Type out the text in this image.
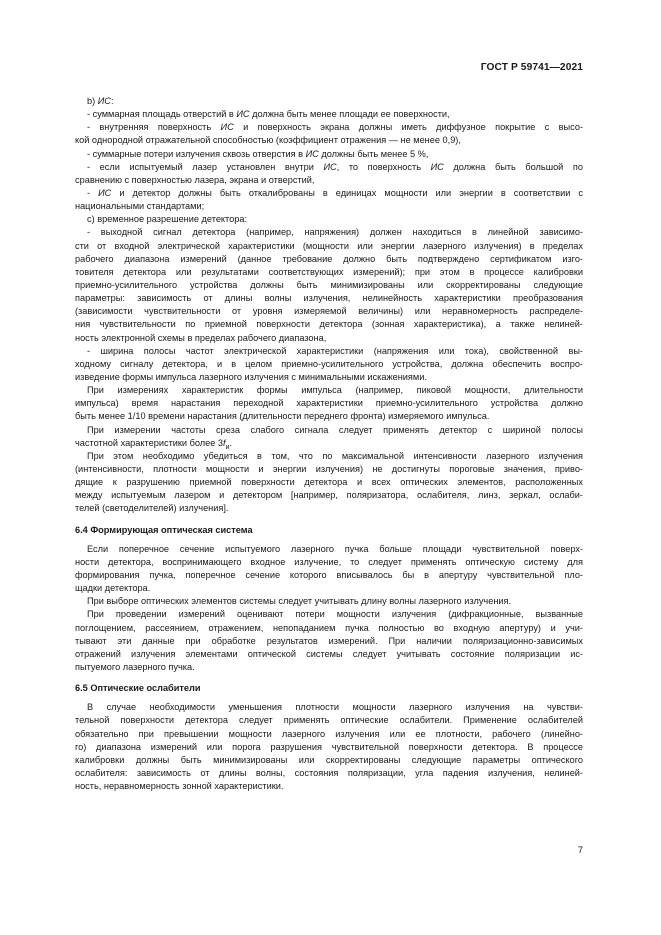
ГОСТ Р 59741—2021
b) ИС:
- суммарная площадь отверстий в ИС должна быть менее площади ее поверхности,
- внутренняя поверхность ИС и поверхность экрана должны иметь диффузное покрытие с высо-
кой однородной отражательной способностью (коэффициент отражения — не менее 0,9),
- суммарные потери излучения сквозь отверстия в ИС должны быть менее 5 %,
- если испытуемый лазер установлен внутри ИС, то поверхность ИС должна быть большой по
сравнению с поверхностью лазера, экрана и отверстий,
- ИС и детектор должны быть откалиброваны в единицах мощности или энергии в соответствии с
национальными стандартами;
с) временное разрешение детектора:
- выходной сигнал детектора (например, напряжения) должен находиться в линейной зависимо-
сти от входной электрической характеристики (мощности или энергии лазерного излучения) в пределах
рабочего диапазона измерений (данное требование должно быть подтверждено сертификатом изго-
товителя детектора или результатами соответствующих измерений); при этом в процессе калибровки
приемно-усилительного устройства должны быть минимизированы или скорректированы следующие
параметры: зависимость от длины волны излучения, нелинейность характеристики преобразования
(зависимости чувствительности от уровня измеряемой величины) или неравномерность распределе-
ния чувствительности по приемной поверхности детектора (зонная характеристика), а также нелиней-
ность электронной схемы в пределах рабочего диапазона,
- ширина полосы частот электрической характеристики (напряжения или тока), свойственной вы-
ходному сигналу детектора, и в целом приемно-усилительного устройства, должна обеспечить воспро-
изведение формы импульса лазерного излучения с минимальными искажениями.
При измерениях характеристик формы импульса (например, пиковой мощности, длительности
импульса) время нарастания переходной характеристики приемно-усилительного устройства должно
быть менее 1/10 времени нарастания (длительности переднего фронта) измеряемого импульса.
При измерении частоты среза слабого сигнала следует применять детектор с шириной полосы
частотной характеристики более $3f_и$.
При этом необходимо убедиться в том, что по максимальной интенсивности лазерного излучения
(интенсивности, плотности мощности и энергии излучения) не достигнуты пороговые значения, приво-
дящие к разрушению приемной поверхности детектора и всех оптических элементов, расположенных
между испытуемым лазером и детектором [например, поляризатора, ослабителя, линз, зеркал, ослаби-
телей (светоделителей) излучения].
6.4 Формирующая оптическая система
Если поперечное сечение испытуемого лазерного пучка больше площади чувствительной поверх-
ности детектора, воспринимающего входное излучение, то следует применять оптическую систему для
формирования пучка, поперечное сечение которого вписывалось бы в апертуру чувствительной пло-
щадки детектора.
При выборе оптических элементов системы следует учитывать длину волны лазерного излучения.
При проведении измерений оценивают потери мощности излучения (дифракционные, вызванные
поглощением, рассеянием, отражением, непопаданием пучка полностью во входную апертуру) и учи-
тывают эти данные при обработке результатов измерений. При наличии поляризационно-зависимых
отражений излучения элементами оптической системы следует учитывать состояние поляризации ис-
пытуемого лазерного пучка.
6.5 Оптические ослабители
В случае необходимости уменьшения плотности мощности лазерного излучения на чувстви-
тельной поверхности детектора следует применять оптические ослабители. Применение ослабителей
обязательно при превышении мощности лазерного излучения или ее плотности, рабочего (линейно-
го) диапазона измерений или порога разрушения чувствительной поверхности детектора. В процессе
калибровки должны быть минимизированы или скорректированы следующие параметры оптического
ослабителя: зависимость от длины волны, состояния поляризации, угла падения излучения, нелиней-
ность, неравномерность зонной характеристики.
7
